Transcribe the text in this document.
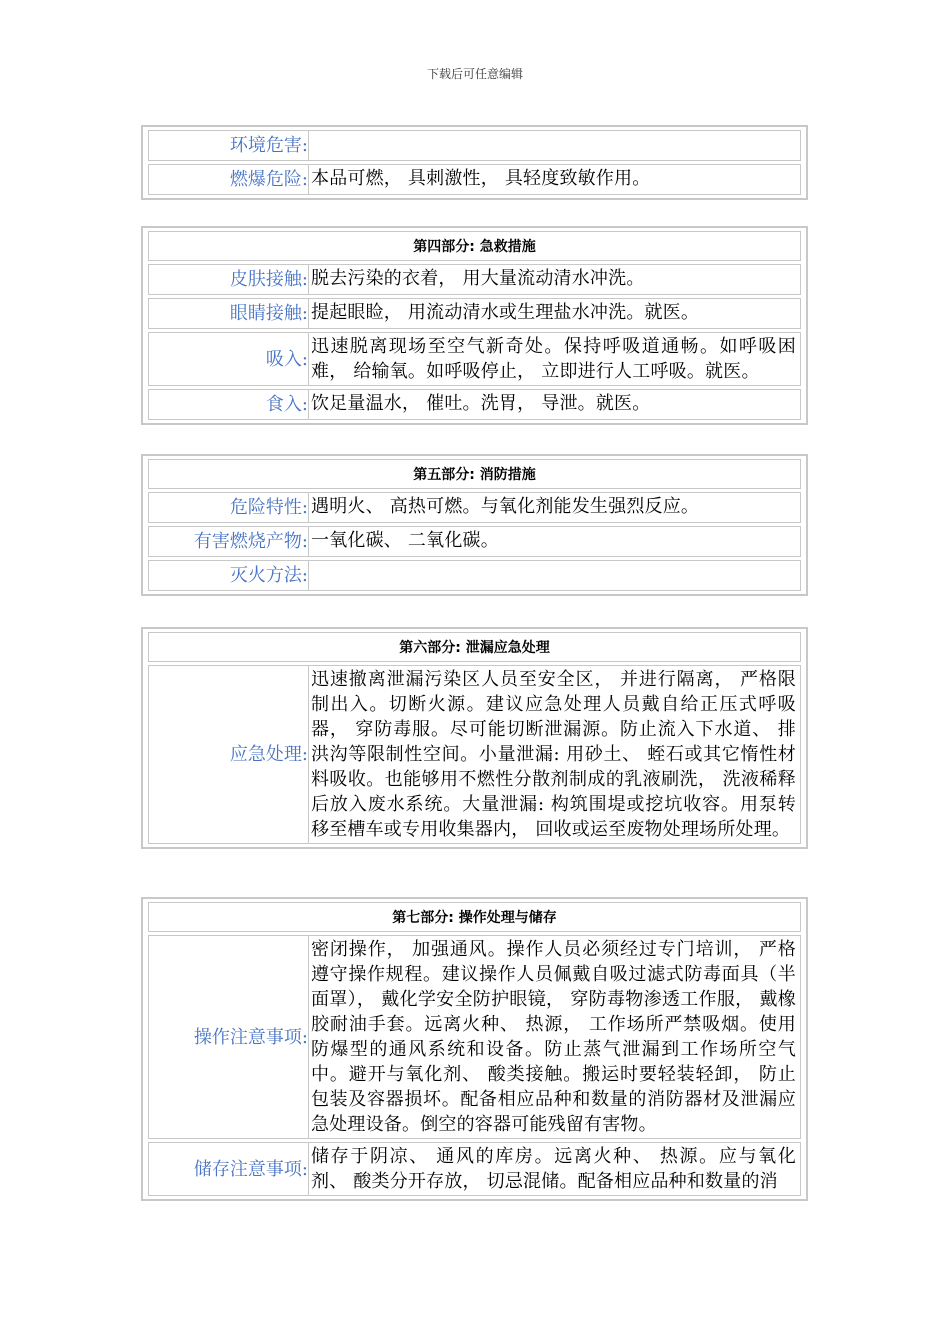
下载后可任意编辑
环境危害:
燃爆危险: 本品可燃， 具刺激性， 具轻度致敏作用。
第四部分: 急救措施
皮肤接触: 脱去污染的衣着， 用大量流动清水冲洗。
眼睛接触: 提起眼睑， 用流动清水或生理盐水冲洗。就医。
吸入:
迅速脱离现场至空气新奇处。保持呼吸道通畅。如呼吸困难， 给输氧。如呼吸停止， 立即进行人工呼吸。就医。
食入: 饮足量温水， 催吐。洗胃， 导泄。就医。
第五部分: 消防措施
危险特性: 遇明火、 高热可燃。与氧化剂能发生强烈反应。
有害燃烧产物: 一氧化碳、 二氧化碳。
灭火方法:
第六部分: 泄漏应急处理
应急处理:
迅速撤离泄漏污染区人员至安全区， 并进行隔离， 严格限制出入。切断火源。建议应急处理人员戴自给正压式呼吸器， 穿防毒服。尽可能切断泄漏源。防止流入下水道、 排洪沟等限制性空间。小量泄漏: 用砂土、 蛭石或其它惰性材料吸收。也能够用不燃性分散剂制成的乳液刷洗， 洗液稀释后放入废水系统。大量泄漏: 构筑围堤或挖坑收容。用泵转移至槽车或专用收集器内， 回收或运至废物处理场所处理。
第七部分: 操作处理与储存
操作注意事项:
密闭操作， 加强通风。操作人员必须经过专门培训， 严格遵守操作规程。建议操作人员佩戴自吸过滤式防毒面具（半面罩）， 戴化学安全防护眼镜， 穿防毒物渗透工作服， 戴橡胶耐油手套。远离火种、 热源， 工作场所严禁吸烟。使用防爆型的通风系统和设备。防止蒸气泄漏到工作场所空气中。避开与氧化剂、 酸类接触。搬运时要轻装轻卸， 防止包装及容器损坏。配备相应品种和数量的消防器材及泄漏应急处理设备。倒空的容器可能残留有害物。
储存注意事项:
储存于阴凉、 通风的库房。远离火种、 热源。应与氧化剂、 酸类分开存放， 切忌混储。配备相应品种和数量的消
